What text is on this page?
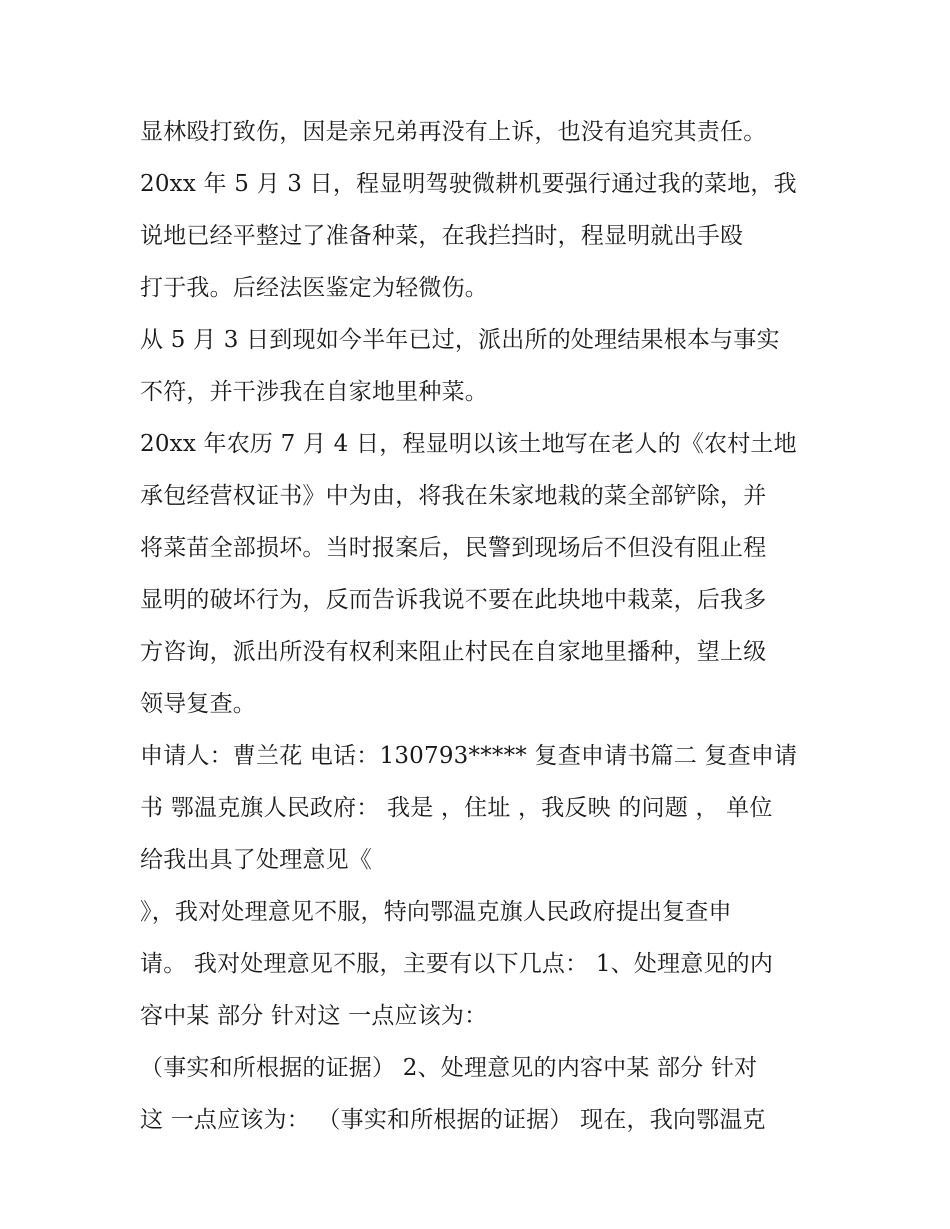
显林殴打致伤，因是亲兄弟再没有上诉，也没有追究其责任。
20xx 年 5 月 3 日，程显明驾驶微耕机要强行通过我的菜地，我
说地已经平整过了准备种菜，在我拦挡时，程显明就出手殴
打于我。后经法医鉴定为轻微伤。
从 5 月 3 日到现如今半年已过，派出所的处理结果根本与事实
不符，并干涉我在自家地里种菜。
20xx 年农历 7 月 4 日，程显明以该土地写在老人的《农村土地
承包经营权证书》中为由，将我在朱家地栽的菜全部铲除，并
将菜苗全部损坏。当时报案后，民警到现场后不但没有阻止程
显明的破坏行为，反而告诉我说不要在此块地中栽菜，后我多
方咨询，派出所没有权利来阻止村民在自家地里播种，望上级
领导复查。
申请人：曹兰花 电话：130793***** 复查申请书篇二 复查申请
书 鄂温克旗人民政府： 我是 ，住址 ，我反映 的问题 ， 单位
给我出具了处理意见《
》，我对处理意见不服，特向鄂温克旗人民政府提出复查申
请。 我对处理意见不服，主要有以下几点： 1、处理意见的内
容中某 部分 针对这 一点应该为：
（事实和所根据的证据） 2、处理意见的内容中某 部分 针对
这 一点应该为： （事实和所根据的证据） 现在，我向鄂温克
